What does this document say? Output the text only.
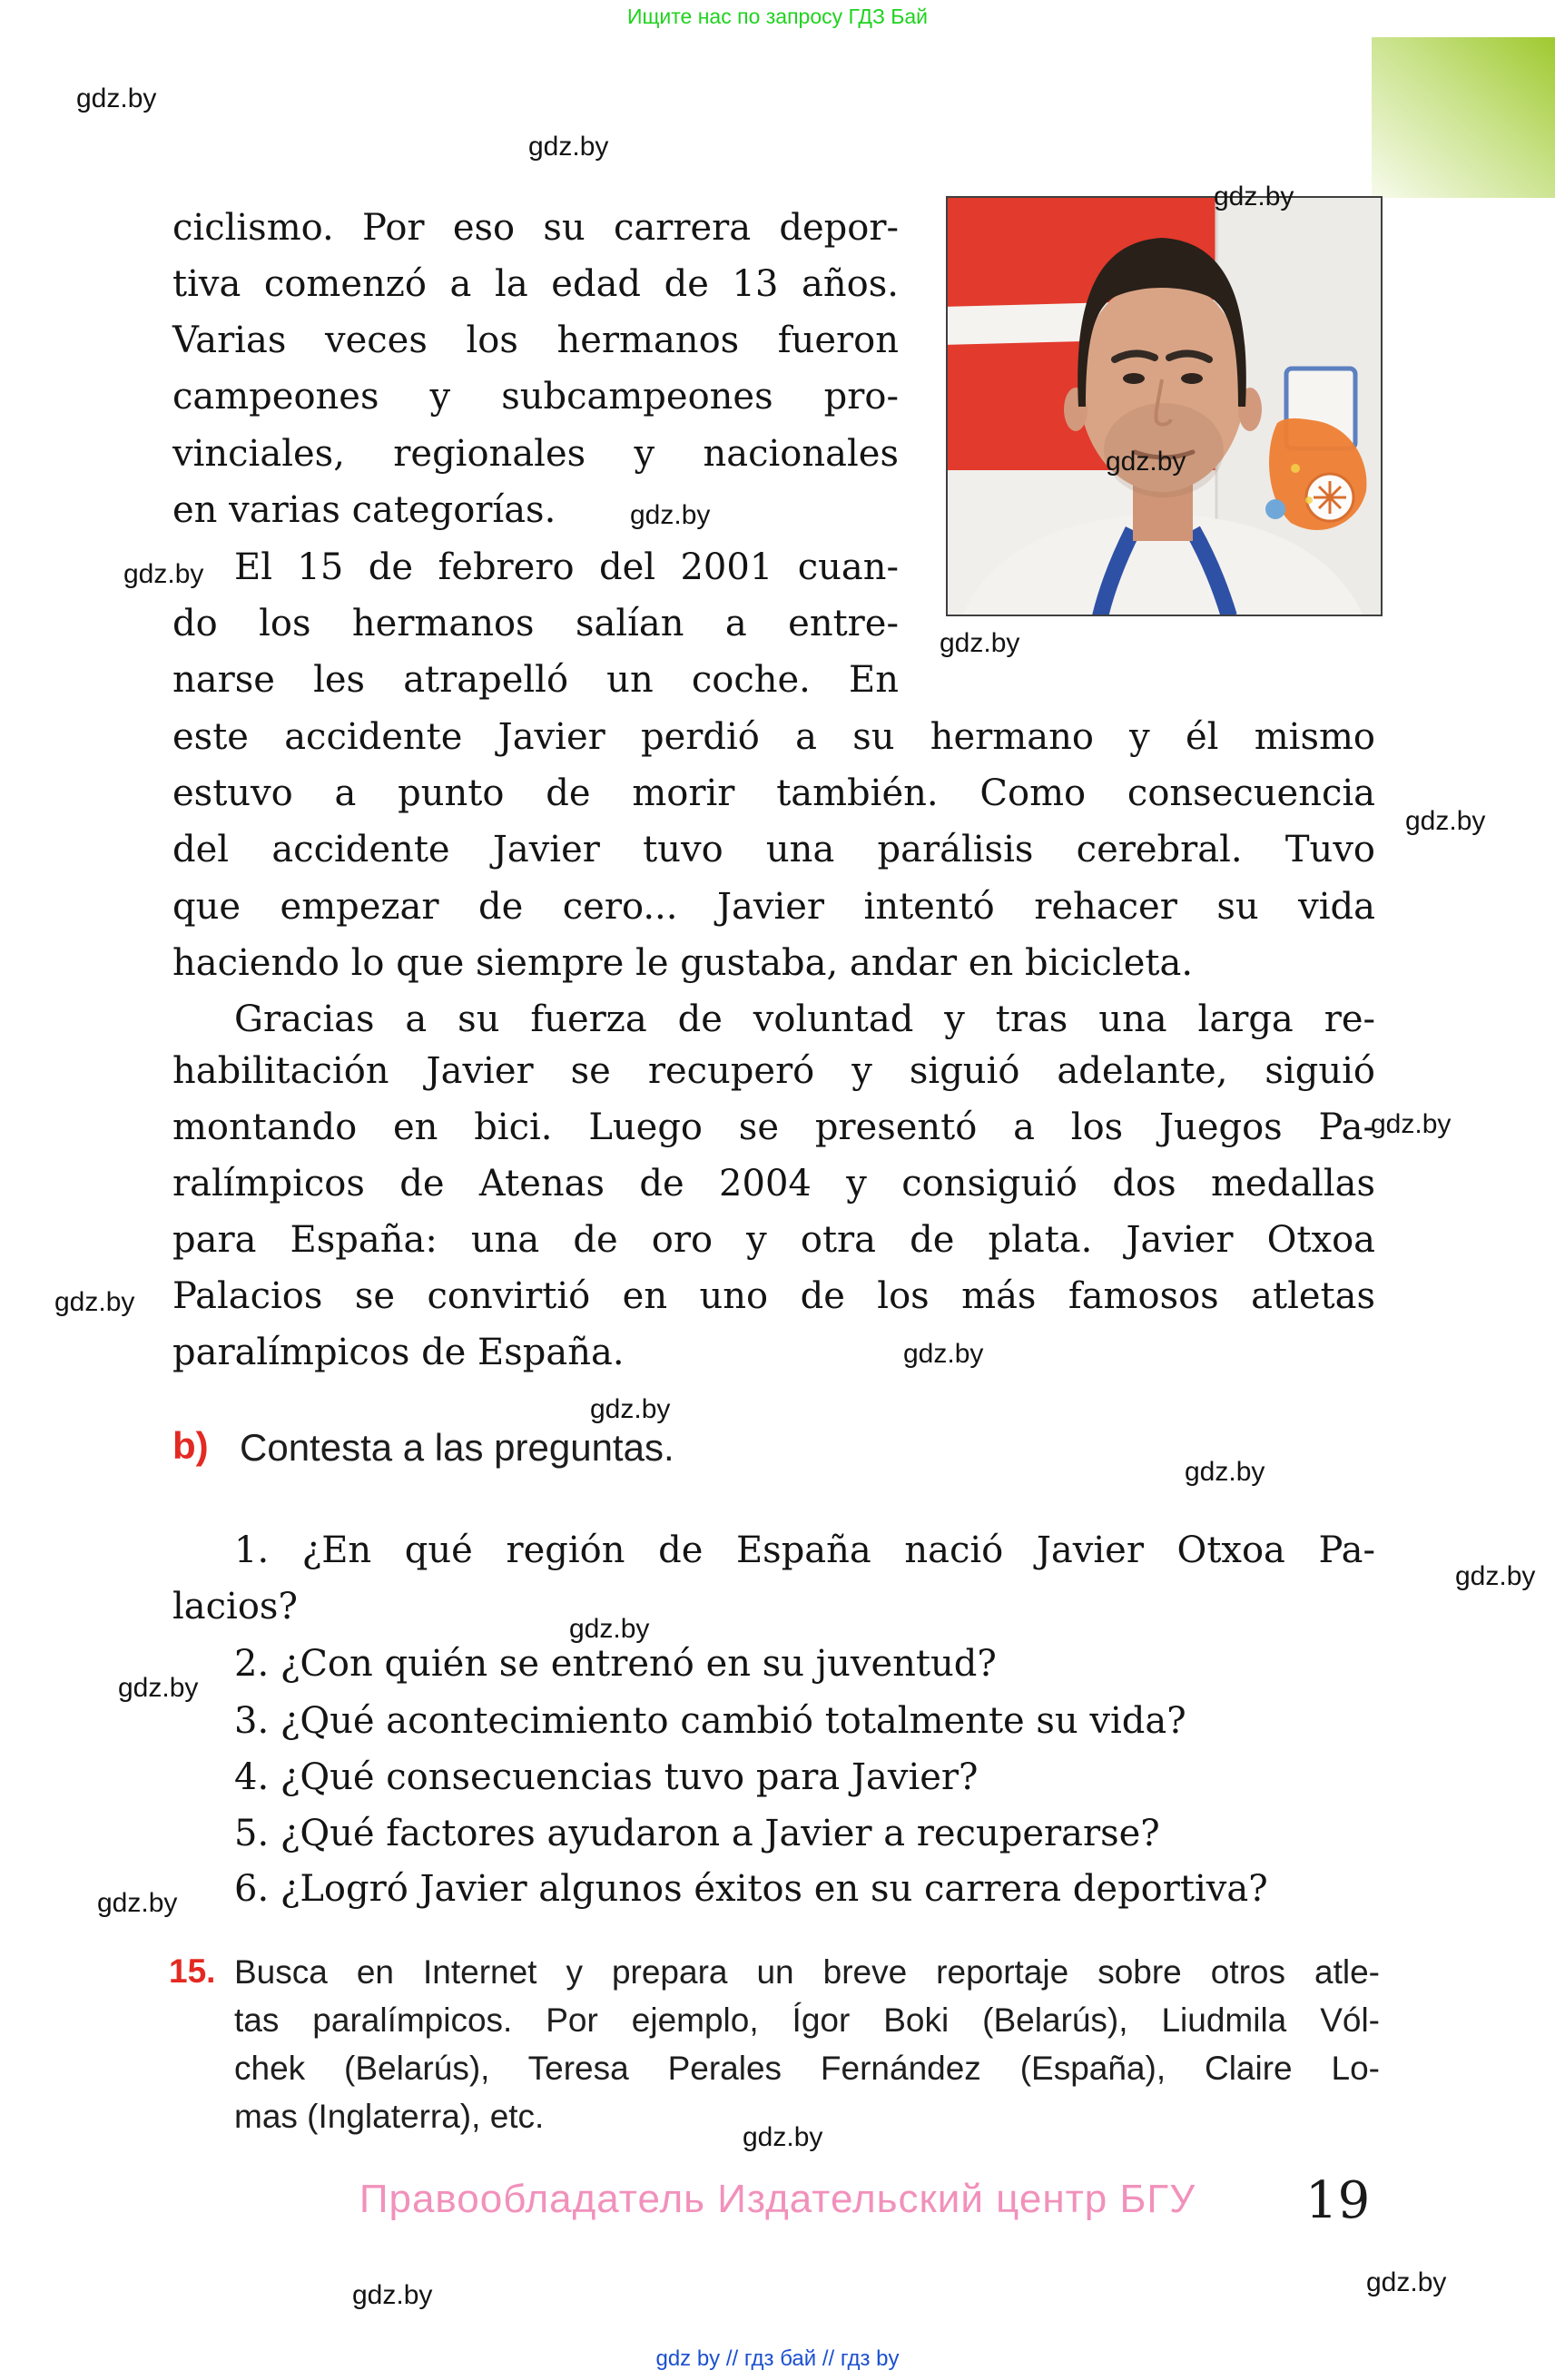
Ищите нас по запросу ГДЗ Бай
b) Contesta a las preguntas.
15.
Правообладатель Издательский центр БГУ	19
gdz by // гдз бай // гдз by
ciclismo. Por eso su carrera depor-
tiva comenzó a la edad de 13 años.
Varias veces los hermanos fueron
campeones y subcampeones pro-
vinciales, regionales y nacionales
en varias categorías.
El 15 de febrero del 2001 cuan-
do los hermanos salían a entre-
narse les atrapelló un coche. En
este accidente Javier perdió a su hermano y él mismo
estuvo a punto de morir también. Como consecuencia
del accidente Javier tuvo una parálisis cerebral. Tuvo
que empezar de cero... Javier intentó rehacer su vida
haciendo lo que siempre le gustaba, andar en bicicleta.
Gracias a su fuerza de voluntad y tras una larga re-
habilitación Javier se recuperó y siguió adelante, siguió
montando en bici. Luego se presentó a los Juegos Pa-
ralímpicos de Atenas de 2004 y consiguió dos medallas
para España: una de oro y otra de plata. Javier Otxoa
Palacios se convirtió en uno de los más famosos atletas
paralímpicos de España.
1. ¿En qué región de España nació Javier Otxoa Pa-
lacios?
2. ¿Con quién se entrenó en su juventud?
3. ¿Qué acontecimiento cambió totalmente su vida?
4. ¿Qué consecuencias tuvo para Javier?
5. ¿Qué factores ayudaron a Javier a recuperarse?
6. ¿Logró Javier algunos éxitos en su carrera deportiva?
Busca en Internet y prepara un breve reportaje sobre otros atle-
tas paralímpicos. Por ejemplo, Ígor Boki (Belarús), Liudmila Vól-
chek (Belarús), Teresa Perales Fernández (España), Claire Lo-
mas (Inglaterra), etc.
gdz.by
gdz.by
gdz.by
gdz.by
gdz.by
gdz.by
gdz.by
gdz.by
gdz.by
gdz.by
gdz.by
gdz.by
gdz.by
gdz.by
gdz.by
gdz.by
gdz.by
gdz.by
gdz.by
gdz.by
